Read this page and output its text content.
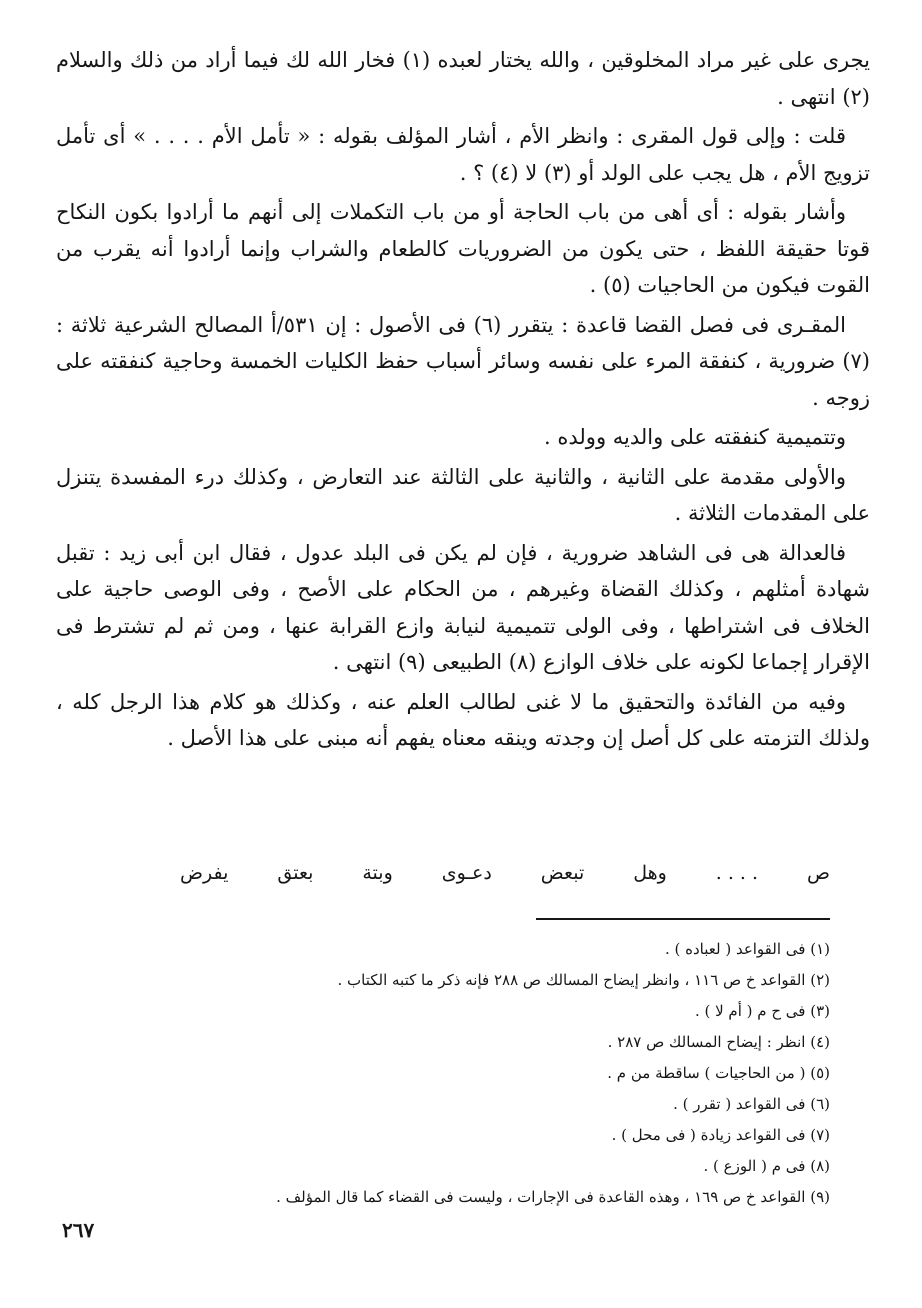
يجرى على غير مراد المخلوقين ، والله يختار لعبده (١) فخار الله لك فيما أراد من ذلك والسلام (٢) انتهى .

قلت : وإلى قول المقرى : وانظر الأم ، أشار المؤلف بقوله : « تأمل الأم . . . . » أى تأمل تزويج الأم ، هل يجب على الولد أو (٣) لا (٤) ؟ .

وأشار بقوله : أى أهى من باب الحاجة أو من باب التكملات إلى أنهم ما أرادوا بكون النكاح قوتا حقيقة اللفظ ، حتى يكون من الضروريات كالطعام والشراب وإنما أرادوا أنه يقرب من القوت فيكون من الحاجيات (٥) .

المقـرى فى فصل القضا قاعدة : يتقرر (٦) فى الأصول : إن ٥٣١/أ المصالح الشرعية ثلاثة : (٧) ضرورية ، كنفقة المرء على نفسه وسائر أسباب حفظ الكليات الخمسة وحاجية كنفقته على زوجه .

وتتميمية كنفقته على والديه وولده .

والأولى مقدمة على الثانية ، والثانية على الثالثة عند التعارض ، وكذلك درء المفسدة يتنزل على المقدمات الثلاثة .

فالعدالة هى فى الشاهد ضرورية ، فإن لم يكن فى البلد عدول ، فقال ابن أبى زيد : تقبل شهادة أمثلهم ، وكذلك القضاة وغيرهم ، من الحكام على الأصح ، وفى الوصى حاجية على الخلاف فى اشتراطها ، وفى الولى تتميمية لنيابة وازع القرابة عنها ، ومن ثم لم تشترط فى الإقرار إجماعا لكونه على خلاف الوازع (٨) الطبيعى (٩) انتهى .

وفيه من الفائدة والتحقيق ما لا غنى لطالب العلم عنه ، وكذلك هو كلام هذا الرجل كله ، ولذلك التزمته على كل أصل إن وجدته وينقه معناه يفهم أنه مبنى على هذا الأصل .

ص
. . . .
وهل
تبعض
دعـوى
وبتة
بعتق
يفرض
(١) فى القواعد ( لعباده ) .
(٢) القواعد خ ص ١١٦ ، وانظر إيضاح المسالك ص ٢٨٨ فإنه ذكر ما كتبه الكتاب .
(٣) فى ح م ( أم لا ) .
(٤) انظر : إيضاح المسالك ص ٢٨٧ .
(٥) ( من الحاجيات ) ساقطة من م .
(٦) فى القواعد ( تقرر ) .
(٧) فى القواعد زيادة ( فى محل ) .
(٨) فى م ( الوزع ) .
(٩) القواعد خ ص ١٦٩ ، وهذه القاعدة فى الإجارات ، وليست فى القضاء كما قال المؤلف .
٢٦٧
